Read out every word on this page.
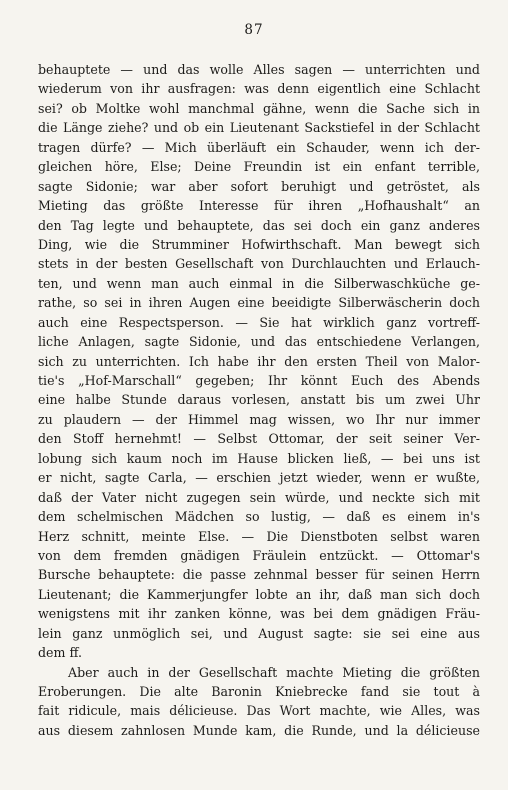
87
behauptete — und das wolle Alles sagen — unterrichten und
wiederum von ihr ausfragen: was denn eigentlich eine Schlacht
sei? ob Moltke wohl manchmal gähne, wenn die Sache sich in
die Länge ziehe? und ob ein Lieutenant Sackstiefel in der Schlacht
tragen dürfe? — Mich überläuft ein Schauder, wenn ich der-
gleichen höre, Else; Deine Freundin ist ein enfant terrible,
sagte Sidonie; war aber sofort beruhigt und getröstet, als
Mieting das größte Interesse für ihren „Hofhaushalt“ an
den Tag legte und behauptete, das sei doch ein ganz anderes
Ding, wie die Strumminer Hofwirthschaft. Man bewegt sich
stets in der besten Gesellschaft von Durchlauchten und Erlauch-
ten, und wenn man auch einmal in die Silberwaschküche ge-
rathe, so sei in ihren Augen eine beeidigte Silberwäscherin doch
auch eine Respectsperson. — Sie hat wirklich ganz vortreff-
liche Anlagen, sagte Sidonie, und das entschiedene Verlangen,
sich zu unterrichten. Ich habe ihr den ersten Theil von Malor-
tie's „Hof-Marschall“ gegeben; Ihr könnt Euch des Abends
eine halbe Stunde daraus vorlesen, anstatt bis um zwei Uhr
zu plaudern — der Himmel mag wissen, wo Ihr nur immer
den Stoff hernehmt! — Selbst Ottomar, der seit seiner Ver-
lobung sich kaum noch im Hause blicken ließ, — bei uns ist
er nicht, sagte Carla, — erschien jetzt wieder, wenn er wußte,
daß der Vater nicht zugegen sein würde, und neckte sich mit
dem schelmischen Mädchen so lustig, — daß es einem in's
Herz schnitt, meinte Else. — Die Dienstboten selbst waren
von dem fremden gnädigen Fräulein entzückt. — Ottomar's
Bursche behauptete: die passe zehnmal besser für seinen Herrn
Lieutenant; die Kammerjungfer lobte an ihr, daß man sich doch
wenigstens mit ihr zanken könne, was bei dem gnädigen Fräu-
lein ganz unmöglich sei, und August sagte: sie sei eine aus
dem ff.
Aber auch in der Gesellschaft machte Mieting die größten
Eroberungen. Die alte Baronin Kniebrecke fand sie tout à
fait ridicule, mais délicieuse. Das Wort machte, wie Alles, was
aus diesem zahnlosen Munde kam, die Runde, und la délicieuse
